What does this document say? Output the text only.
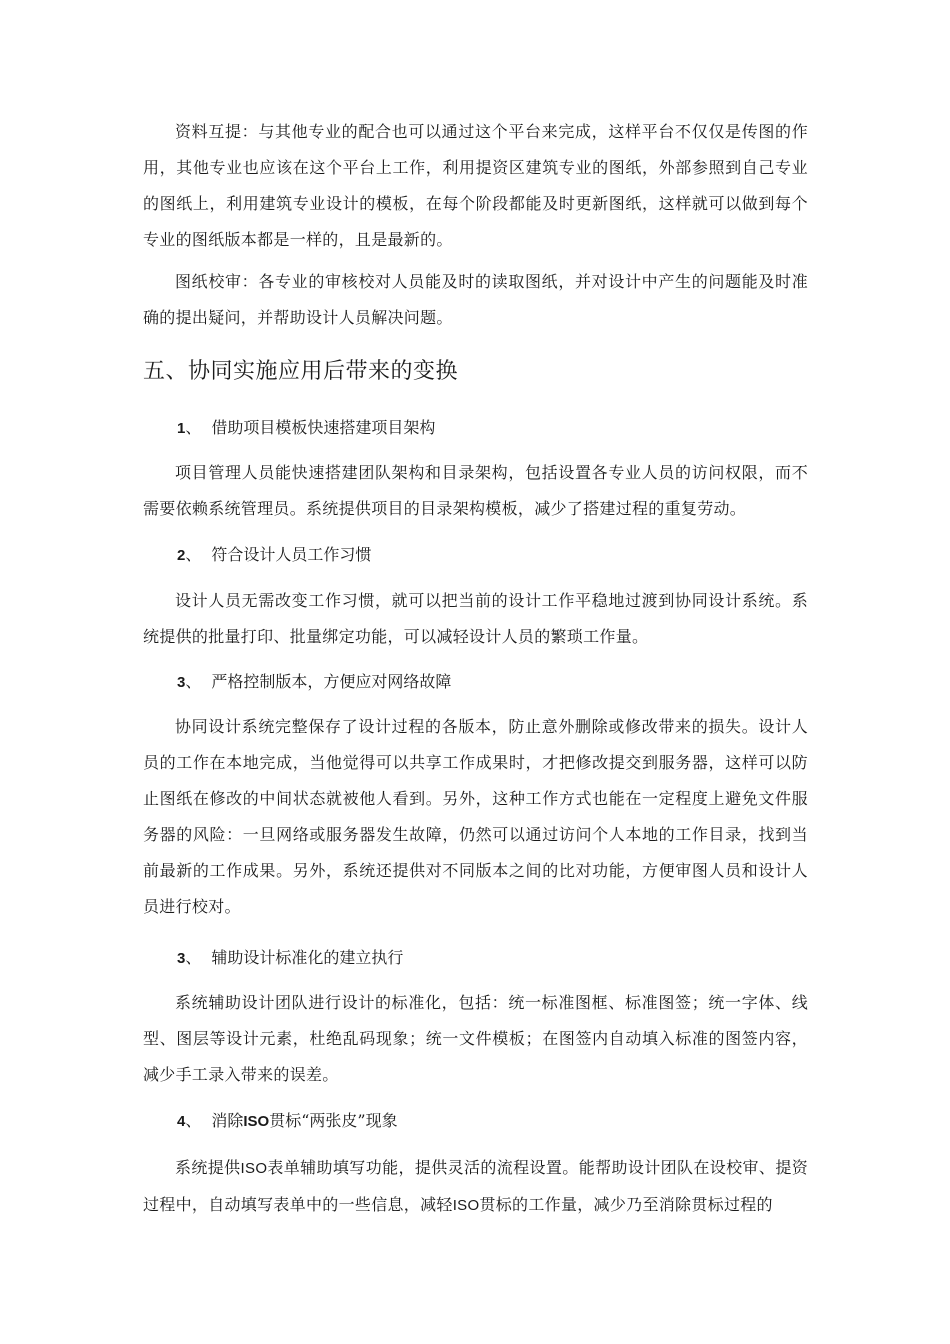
资料互提：与其他专业的配合也可以通过这个平台来完成，这样平台不仅仅是传图的作用，其他专业也应该在这个平台上工作，利用提资区建筑专业的图纸，外部参照到自己专业的图纸上，利用建筑专业设计的模板，在每个阶段都能及时更新图纸，这样就可以做到每个专业的图纸版本都是一样的，且是最新的。

图纸校审：各专业的审核校对人员能及时的读取图纸，并对设计中产生的问题能及时准确的提出疑问，并帮助设计人员解决问题。

五、协同实施应用后带来的变换

1、 借助项目模板快速搭建项目架构

项目管理人员能快速搭建团队架构和目录架构，包括设置各专业人员的访问权限，而不需要依赖系统管理员。系统提供项目的目录架构模板，减少了搭建过程的重复劳动。

2、 符合设计人员工作习惯

设计人员无需改变工作习惯，就可以把当前的设计工作平稳地过渡到协同设计系统。系统提供的批量打印、批量绑定功能，可以减轻设计人员的繁琐工作量。

3、 严格控制版本，方便应对网络故障

协同设计系统完整保存了设计过程的各版本，防止意外删除或修改带来的损失。设计人员的工作在本地完成，当他觉得可以共享工作成果时，才把修改提交到服务器，这样可以防止图纸在修改的中间状态就被他人看到。另外，这种工作方式也能在一定程度上避免文件服务器的风险：一旦网络或服务器发生故障，仍然可以通过访问个人本地的工作目录，找到当前最新的工作成果。另外，系统还提供对不同版本之间的比对功能，方便审图人员和设计人员进行校对。

3、 辅助设计标准化的建立执行

系统辅助设计团队进行设计的标准化，包括：统一标准图框、标准图签；统一字体、线型、图层等设计元素，杜绝乱码现象；统一文件模板；在图签内自动填入标准的图签内容，减少手工录入带来的误差。

4、 消除ISO贯标“两张皮”现象

系统提供ISO表单辅助填写功能，提供灵活的流程设置。能帮助设计团队在设校审、提资过程中，自动填写表单中的一些信息，减轻ISO贯标的工作量，减少乃至消除贯标过程的
